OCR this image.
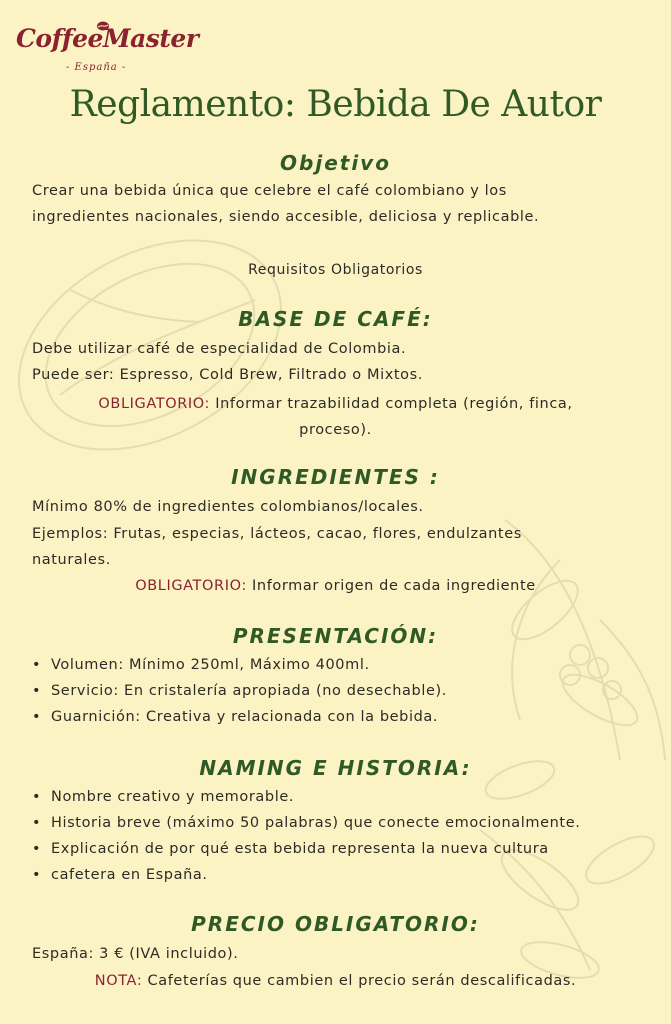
CoffeeMaster
- España -
Reglamento: Bebida De Autor
Objetivo
Crear una bebida única que celebre el café colombiano y los
ingredientes nacionales, siendo accesible, deliciosa y replicable.
Requisitos Obligatorios
BASE DE CAFÉ:
Debe utilizar café de especialidad de Colombia.
Puede ser: Espresso, Cold Brew, Filtrado o Mixtos.
OBLIGATORIO: Informar trazabilidad completa (región, finca,
proceso).
INGREDIENTES :
Mínimo 80% de ingredientes colombianos/locales.
Ejemplos: Frutas, especias, lácteos, cacao, flores, endulzantes
naturales.
OBLIGATORIO: Informar origen de cada ingrediente
PRESENTACIÓN:
• Volumen: Mínimo 250ml, Máximo 400ml.
• Servicio: En cristalería apropiada (no desechable).
• Guarnición: Creativa y relacionada con la bebida.
NAMING E HISTORIA:
• Nombre creativo y memorable.
• Historia breve (máximo 50 palabras) que conecte emocionalmente.
• Explicación de por qué esta bebida representa la nueva cultura
• cafetera en España.
PRECIO OBLIGATORIO:
España: 3 € (IVA incluido).
NOTA: Cafeterías que cambien el precio serán descalificadas.
